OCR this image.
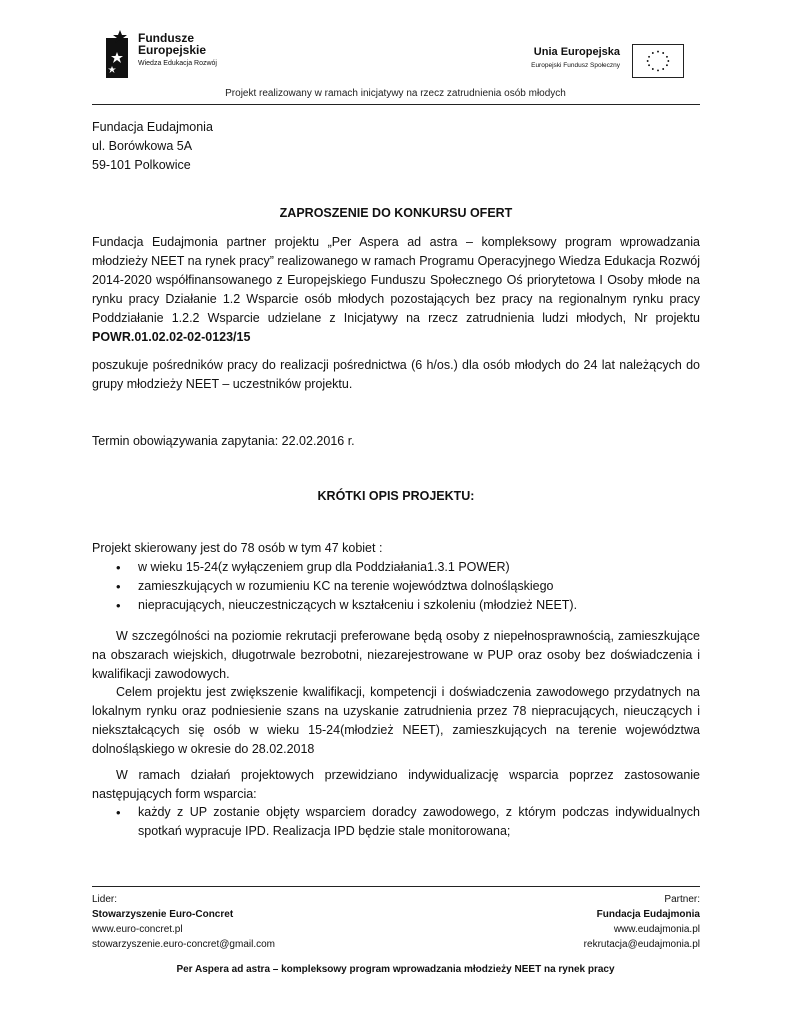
Fundusze
Europejskie
Wiedza Edukacja Rozwój
Unia Europejska
Europejski Fundusz Społeczny
Projekt realizowany w ramach inicjatywy na rzecz zatrudnienia osób młodych
Fundacja Eudajmonia
ul. Borówkowa 5A
59-101 Polkowice
ZAPROSZENIE DO KONKURSU OFERT
Fundacja Eudajmonia partner projektu „Per Aspera ad astra – kompleksowy program wprowadzania młodzieży NEET na rynek pracy” realizowanego w ramach Programu Operacyjnego Wiedza Edukacja Rozwój 2014-2020 współfinansowanego z Europejskiego Funduszu Społecznego Oś priorytetowa I Osoby młode na rynku pracy Działanie 1.2 Wsparcie osób młodych pozostających bez pracy na regionalnym rynku pracy Poddziałanie 1.2.2 Wsparcie udzielane z Inicjatywy na rzecz zatrudnienia ludzi młodych, Nr projektu POWR.01.02.02-02-0123/15
poszukuje pośredników pracy do realizacji pośrednictwa (6 h/os.) dla osób młodych do 24 lat należących do grupy młodzieży NEET – uczestników projektu.
Termin obowiązywania zapytania: 22.02.2016 r.
KRÓTKI OPIS PROJEKTU:
Projekt skierowany jest do 78 osób w tym 47 kobiet :
• w wieku 15-24(z wyłączeniem grup dla Poddziałania1.3.1 POWER)
• zamieszkujących w rozumieniu KC na terenie województwa dolnośląskiego
• niepracujących, nieuczestniczących w kształceniu i szkoleniu (młodzież NEET).
W szczególności na poziomie rekrutacji preferowane będą osoby z niepełnosprawnością, zamieszkujące na obszarach wiejskich, długotrwale bezrobotni, niezarejestrowane w PUP oraz osoby bez doświadczenia i kwalifikacji zawodowych.
Celem projektu jest zwiększenie kwalifikacji, kompetencji i doświadczenia zawodowego przydatnych na lokalnym rynku oraz podniesienie szans na uzyskanie zatrudnienia przez 78 niepracujących, nieuczących i niekształcących się osób w wieku 15-24(młodzież NEET), zamieszkujących na terenie województwa dolnośląskiego w okresie do 28.02.2018
W ramach działań projektowych przewidziano indywidualizację wsparcia poprzez zastosowanie następujących form wsparcia:
• każdy z UP zostanie objęty wsparciem doradcy zawodowego, z którym podczas indywidualnych spotkań wypracuje IPD. Realizacja IPD będzie stale monitorowana;
Lider:
Stowarzyszenie Euro-Concret
www.euro-concret.pl
stowarzyszenie.euro-concret@gmail.com
Partner:
Fundacja Eudajmonia
www.eudajmonia.pl
rekrutacja@eudajmonia.pl
Per Aspera ad astra – kompleksowy program wprowadzania młodzieży NEET na rynek pracy
